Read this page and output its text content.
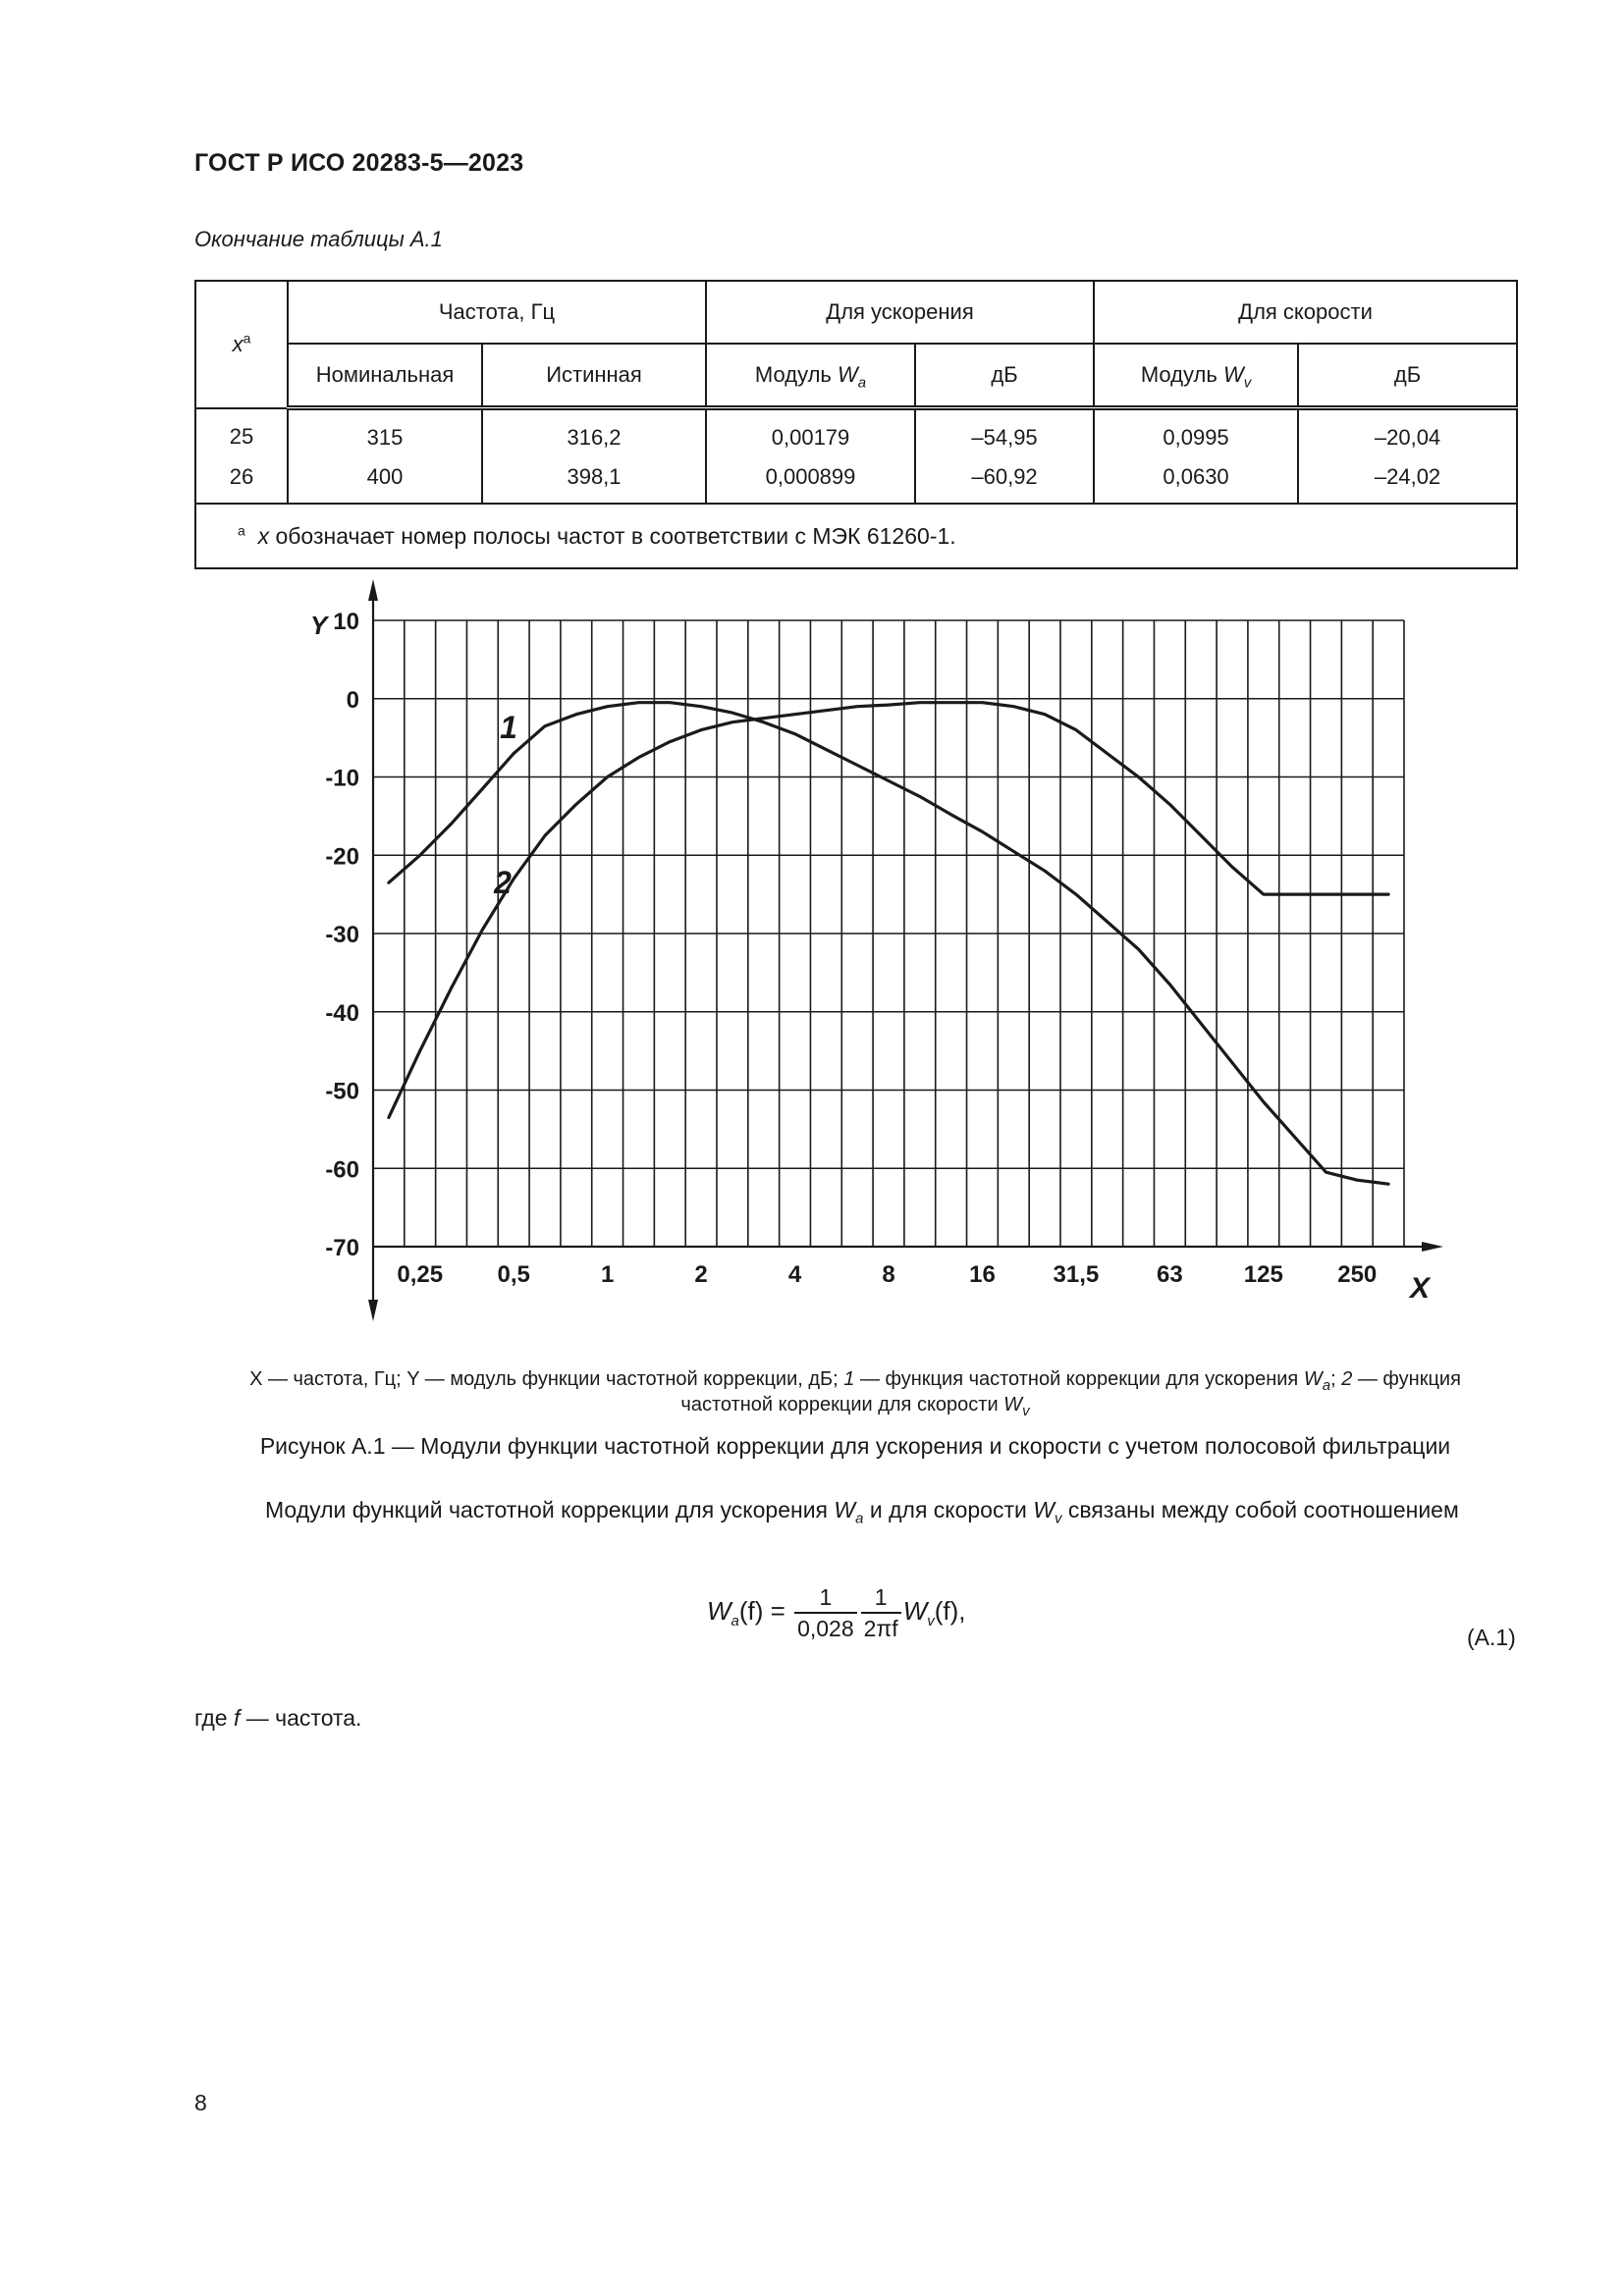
ГОСТ Р ИСО 20283-5—2023
Окончание таблицы А.1
$x^a$	Частота, Гц		Для ускорения		Для скорости	
	Номинальная	Истинная	Модуль $W_a$	дБ	Модуль $W_v$	дБ
25	315	316,2	0,00179	–54,95	0,0995	–20,04
26	400	398,1	0,000899	–60,92	0,0630	–24,02
$^a$ x обозначает номер полосы частот в соответствии с МЭК 61260-1.						
10
0
-10
-20
-30
-40
-50
-60
-70
0,25 0,5	1	2	4	8	16 31,5 63	125 250
1
2
Y
X
X — частота, Гц; Y — модуль функции частотной коррекции, дБ; 1 — функция частотной коррекции для ускорения $W_a$; 2 — функция
частотной коррекции для скорости $W_v$
Рисунок А.1 — Модули функции частотной коррекции для ускорения и скорости с учетом полосовой фильтрации
Модули функций частотной коррекции для ускорения $W_a$ и для скорости $W_v$ связаны между собой соотношением
$W_a(f) = \frac{1}{0,028} \frac{1}{2\pi f} W_v(f)$,
(А.1)
где f — частота.
8
